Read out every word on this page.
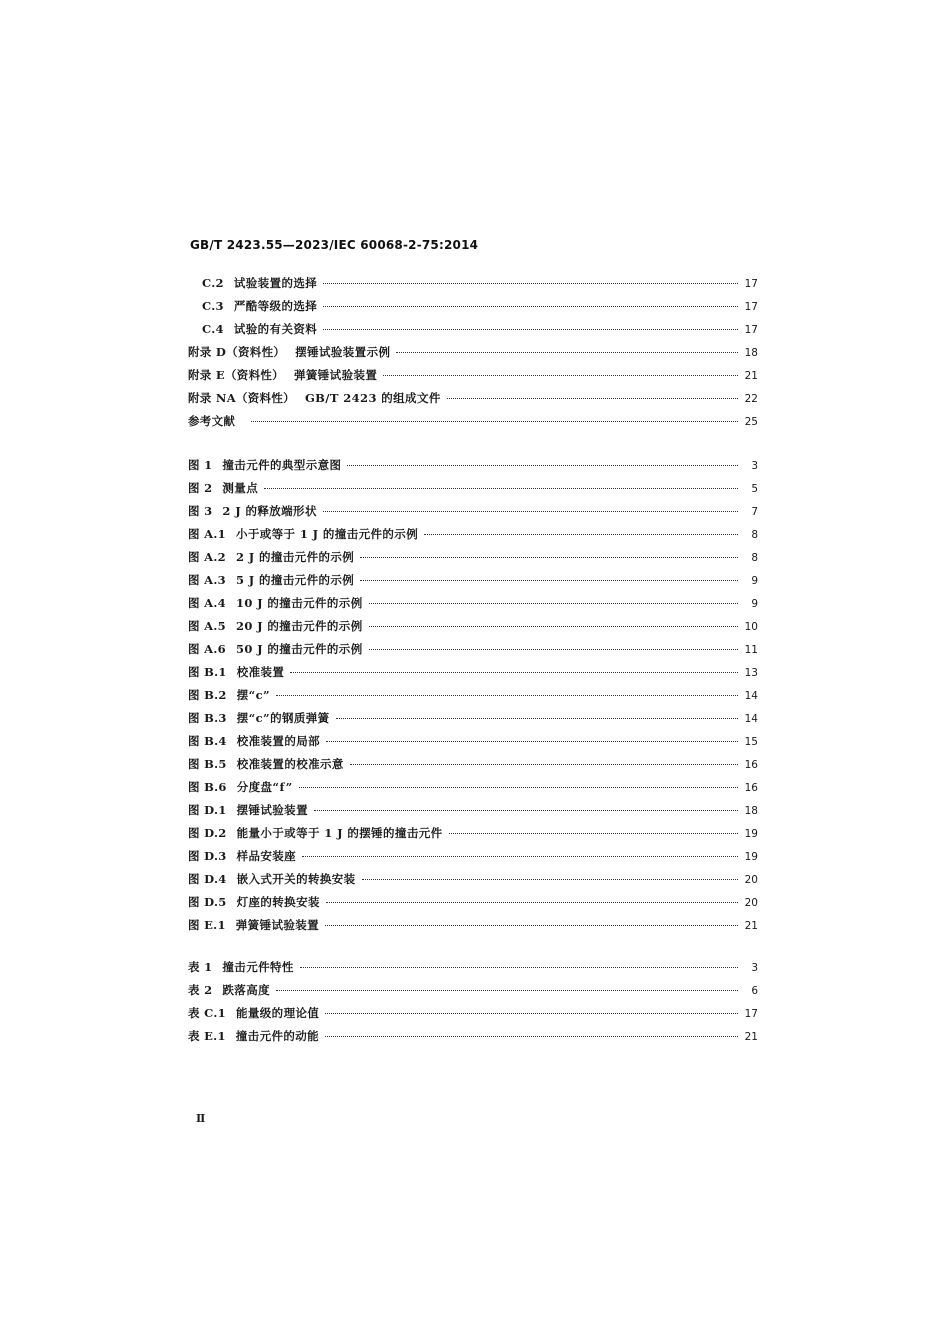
GB/T 2423.55—2023/IEC 60068-2-75:2014
C.2 试验装置的选择	17
C.3 严酷等级的选择	17
C.4 试验的有关资料	17
附录 D（资料性） 摆锤试验装置示例	18
附录 E（资料性） 弹簧锤试验装置	21
附录 NA（资料性） GB/T 2423 的组成文件	22
参考文献	25
图 1 撞击元件的典型示意图	3
图 2 测量点	5
图 3 2 J 的释放端形状	7
图 A.1 小于或等于 1 J 的撞击元件的示例	8
图 A.2 2 J 的撞击元件的示例	8
图 A.3 5 J 的撞击元件的示例	9
图 A.4 10 J 的撞击元件的示例	9
图 A.5 20 J 的撞击元件的示例	10
图 A.6 50 J 的撞击元件的示例	11
图 B.1 校准装置	13
图 B.2 摆“c”	14
图 B.3 摆“c”的钢质弹簧	14
图 B.4 校准装置的局部	15
图 B.5 校准装置的校准示意	16
图 B.6 分度盘“f”	16
图 D.1 摆锤试验装置	18
图 D.2 能量小于或等于 1 J 的摆锤的撞击元件	19
图 D.3 样品安装座	19
图 D.4 嵌入式开关的转换安装	20
图 D.5 灯座的转换安装	20
图 E.1 弹簧锤试验装置	21
表 1 撞击元件特性	3
表 2 跌落高度	6
表 C.1 能量级的理论值	17
表 E.1 撞击元件的动能	21
Ⅱ
